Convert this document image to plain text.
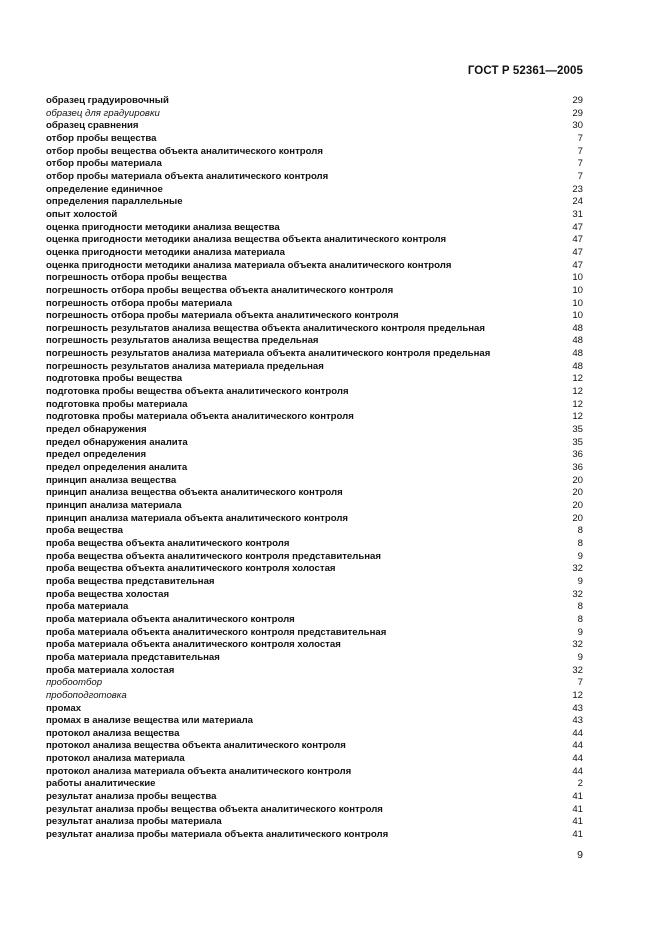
ГОСТ Р 52361—2005
образец градуировочный	29
образец для градуировки	29
образец сравнения	30
отбор пробы вещества	7
отбор пробы вещества объекта аналитического контроля	7
отбор пробы материала	7
отбор пробы материала объекта аналитического контроля	7
определение единичное	23
определения параллельные	24
опыт холостой	31
оценка пригодности методики анализа вещества	47
оценка пригодности методики анализа вещества объекта аналитического контроля	47
оценка пригодности методики анализа материала	47
оценка пригодности методики анализа материала объекта аналитического контроля	47
погрешность отбора пробы вещества	10
погрешность отбора пробы вещества объекта аналитического контроля	10
погрешность отбора пробы материала	10
погрешность отбора пробы материала объекта аналитического контроля	10
погрешность результатов анализа вещества объекта аналитического контроля предельная	48
погрешность результатов анализа вещества предельная	48
погрешность результатов анализа материала объекта аналитического контроля предельная	48
погрешность результатов анализа материала предельная	48
подготовка пробы вещества	12
подготовка пробы вещества объекта аналитического контроля	12
подготовка пробы материала	12
подготовка пробы материала объекта аналитического контроля	12
предел обнаружения	35
предел обнаружения аналита	35
предел определения	36
предел определения аналита	36
принцип анализа вещества	20
принцип анализа вещества объекта аналитического контроля	20
принцип анализа материала	20
принцип анализа материала объекта аналитического контроля	20
проба вещества	8
проба вещества объекта аналитического контроля	8
проба вещества объекта аналитического контроля представительная	9
проба вещества объекта аналитического контроля холостая	32
проба вещества представительная	9
проба вещества холостая	32
проба материала	8
проба материала объекта аналитического контроля	8
проба материала объекта аналитического контроля представительная	9
проба материала объекта аналитического контроля холостая	32
проба материала представительная	9
проба материала холостая	32
пробоотбор	7
пробоподготовка	12
промах	43
промах в анализе вещества или материала	43
протокол анализа вещества	44
протокол анализа вещества объекта аналитического контроля	44
протокол анализа материала	44
протокол анализа материала объекта аналитического контроля	44
работы аналитические	2
результат анализа пробы вещества	41
результат анализа пробы вещества объекта аналитического контроля	41
результат анализа пробы материала	41
результат анализа пробы материала объекта аналитического контроля	41
9
